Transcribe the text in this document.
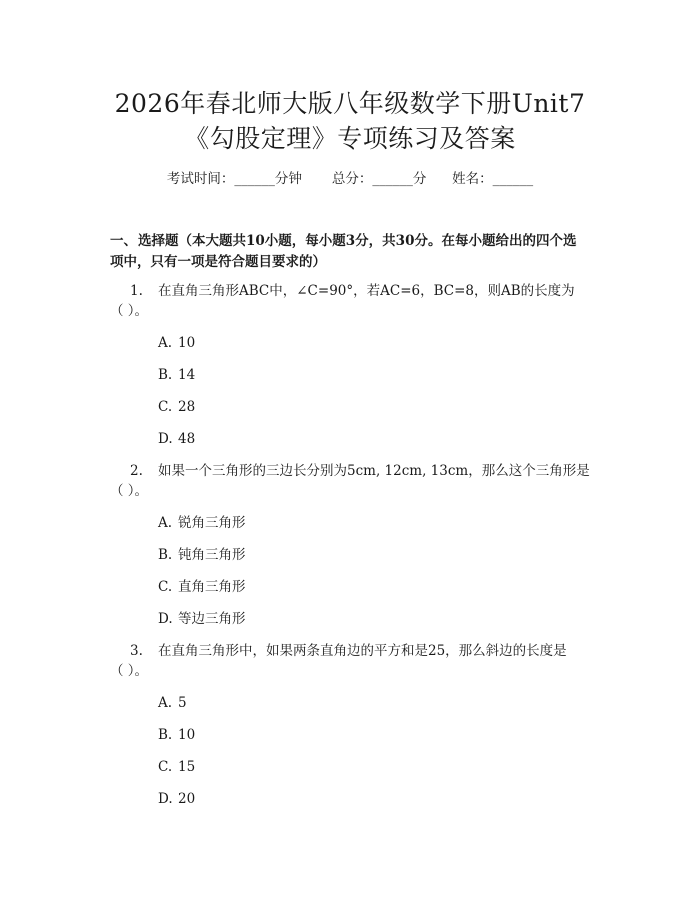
2026年春北师大版八年级数学下册Unit7
《勾股定理》专项练习及答案
考试时间：______分钟 总分：______分 姓名：______
一、选择题（本大题共10小题，每小题3分，共30分。在每小题给出的四个选
项中，只有一项是符合题目要求的）
1.	在直角三角形ABC中，∠C=90°，若AC=6，BC=8，则AB的长度为
（ ）。
A. 10
B. 14
C. 28
D. 48
2.	如果一个三角形的三边长分别为5cm, 12cm, 13cm，那么这个三角形是
（ ）。
A. 锐角三角形
B. 钝角三角形
C. 直角三角形
D. 等边三角形
3.	在直角三角形中，如果两条直角边的平方和是25，那么斜边的长度是
（ ）。
A. 5
B. 10
C. 15
D. 20
